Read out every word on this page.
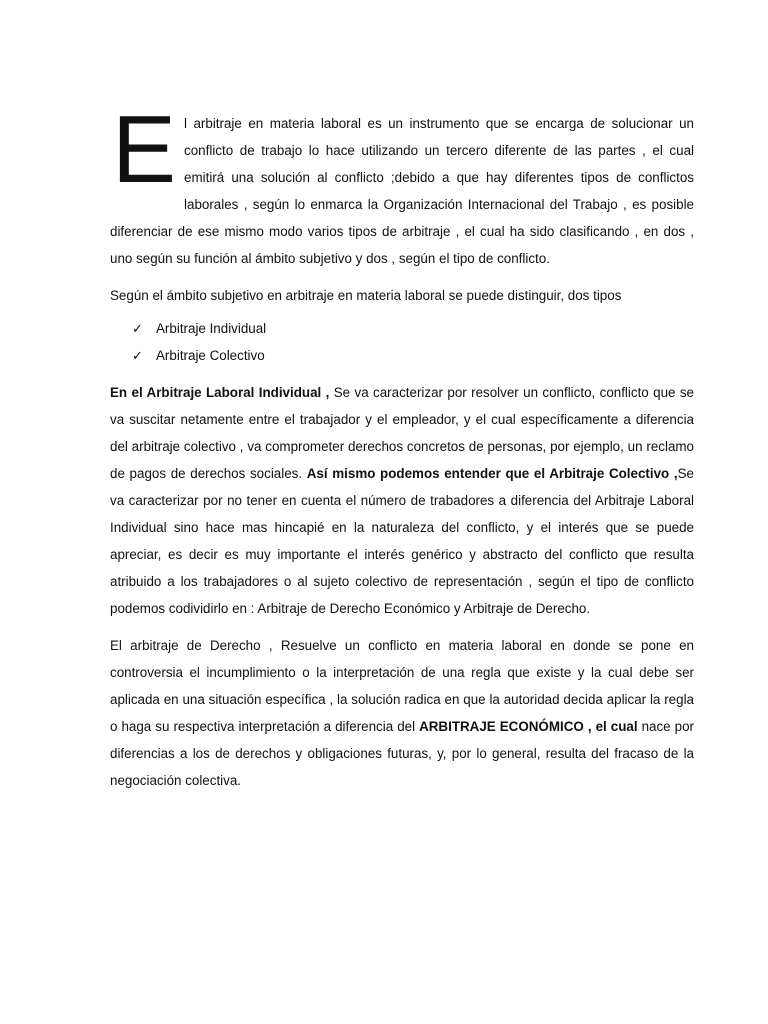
El arbitraje en materia laboral es un instrumento que se encarga de solucionar un conflicto de trabajo lo hace utilizando un tercero diferente de las partes , el cual emitirá una solución al conflicto ;debido a que hay diferentes tipos de conflictos laborales , según lo enmarca la Organización Internacional del Trabajo , es posible diferenciar de ese mismo modo varios tipos de arbitraje , el cual ha sido clasificando , en dos , uno según su función al ámbito subjetivo y dos , según el tipo de conflicto.

Según el ámbito subjetivo en arbitraje en materia laboral se puede distinguir, dos tipos

✓ Arbitraje Individual
✓ Arbitraje Colectivo

En el Arbitraje Laboral Individual , Se va caracterizar por resolver un conflicto, conflicto que se va suscitar netamente entre el trabajador y el empleador, y el cual específicamente a diferencia del arbitraje colectivo , va comprometer derechos concretos de personas, por ejemplo, un reclamo de pagos de derechos sociales. Así mismo podemos entender que el Arbitraje Colectivo ,Se va caracterizar por no tener en cuenta el número de trabadores a diferencia del Arbitraje Laboral Individual sino hace mas hincapié en la naturaleza del conflicto, y el interés que se puede apreciar, es decir es muy importante el interés genérico y abstracto del conflicto que resulta atribuido a los trabajadores o al sujeto colectivo de representación , según el tipo de conflicto podemos codividirlo en : Arbitraje de Derecho Económico y Arbitraje de Derecho.

El arbitraje de Derecho , Resuelve un conflicto en materia laboral en donde se pone en controversia el incumplimiento o la interpretación de una regla que existe y la cual debe ser aplicada en una situación específica , la solución radica en que la autoridad decida aplicar la regla o haga su respectiva interpretación a diferencia del ARBITRAJE ECONÓMICO , el cual nace por diferencias a los de derechos y obligaciones futuras, y, por lo general, resulta del fracaso de la negociación colectiva.
